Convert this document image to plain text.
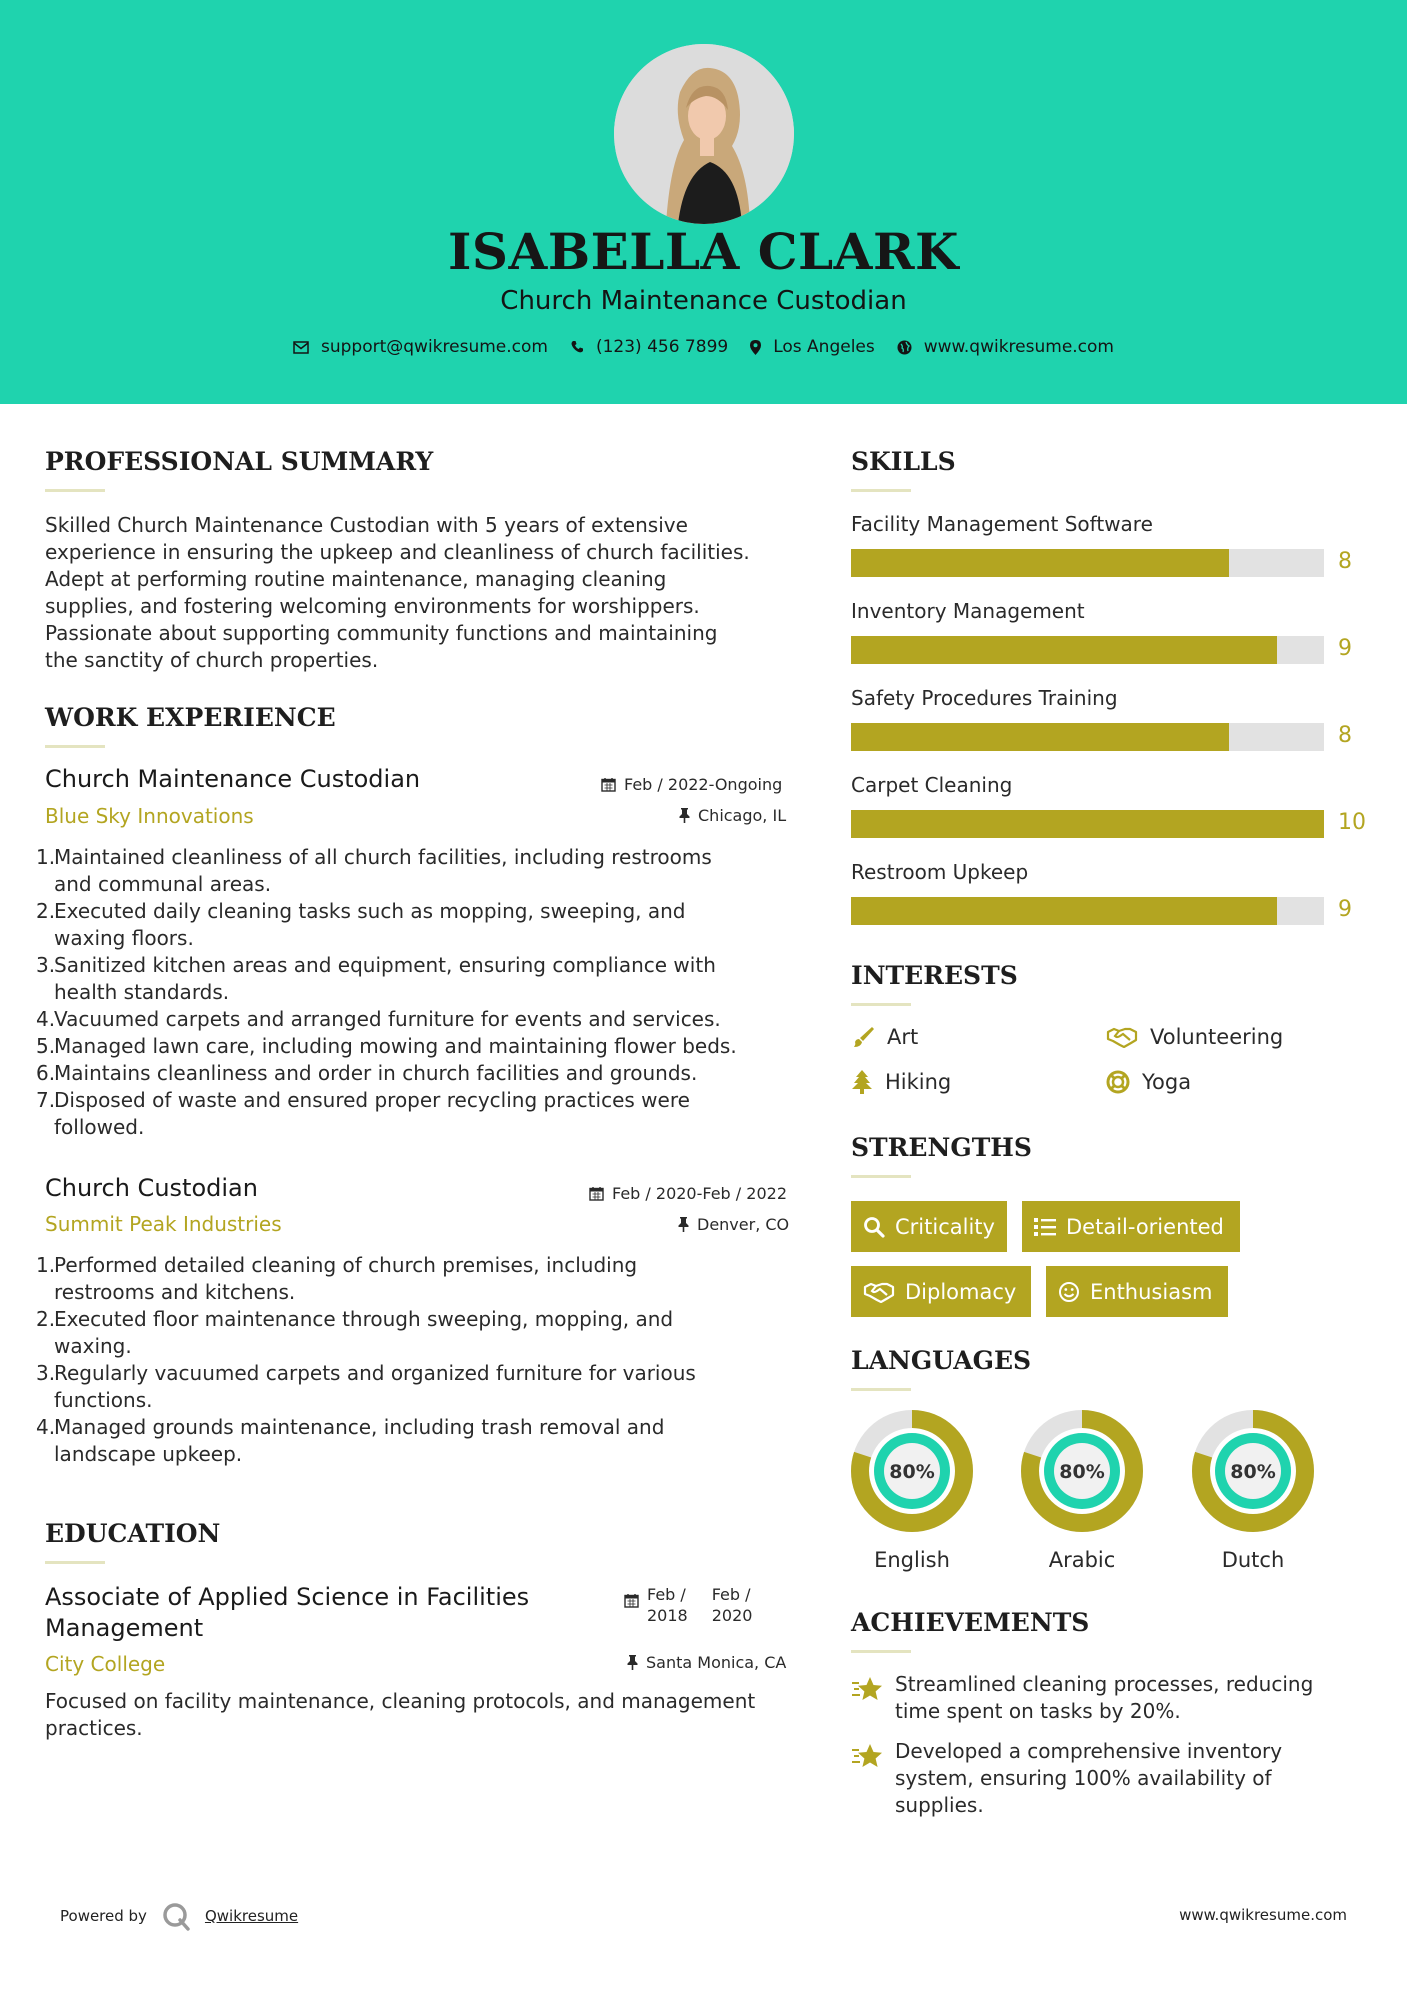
ISABELLA CLARK
Church Maintenance Custodian
support@qwikresume.com	(123) 456 7899	Los Angeles	www.qwikresume.com
PROFESSIONAL SUMMARY
Skilled Church Maintenance Custodian with 5 years of extensive
experience in ensuring the upkeep and cleanliness of church facilities.
Adept at performing routine maintenance, managing cleaning
supplies, and fostering welcoming environments for worshippers.
Passionate about supporting community functions and maintaining
the sanctity of church properties.
WORK EXPERIENCE
Church Maintenance Custodian	Feb / 2022-Ongoing
Blue Sky Innovations	Chicago, IL
1.
Maintained cleanliness of all church facilities, including restrooms
and communal areas.
2.
Executed daily cleaning tasks such as mopping, sweeping, and
waxing floors.
3.
Sanitized kitchen areas and equipment, ensuring compliance with
health standards.
4.
Vacuumed carpets and arranged furniture for events and services.
5.
Managed lawn care, including mowing and maintaining flower beds.
6.
Maintains cleanliness and order in church facilities and grounds.
7.
Disposed of waste and ensured proper recycling practices were
followed.
Church Custodian	Feb / 2020-Feb / 2022
Summit Peak Industries	Denver, CO
1.
Performed detailed cleaning of church premises, including
restrooms and kitchens.
2.
Executed floor maintenance through sweeping, mopping, and
waxing.
3.
Regularly vacuumed carpets and organized furniture for various
functions.
4.
Managed grounds maintenance, including trash removal and
landscape upkeep.
EDUCATION
Associate of Applied Science in Facilities
Management
Feb /
2018
Feb /
2020
City College	Santa Monica, CA
Focused on facility maintenance, cleaning protocols, and management
practices.
SKILLS
Facility Management Software
8
Inventory Management
9
Safety Procedures Training
8
Carpet Cleaning
10
Restroom Upkeep
9
INTERESTS
Art	Volunteering
Hiking	Yoga
STRENGTHS
Criticality	Detail-oriented
Diplomacy	Enthusiasm
LANGUAGES
80%
English
80%
Arabic
80%
Dutch
ACHIEVEMENTS
Streamlined cleaning processes, reducing
time spent on tasks by 20%.
Developed a comprehensive inventory
system, ensuring 100% availability of
supplies.
Powered by	Qwikresume	www.qwikresume.com
